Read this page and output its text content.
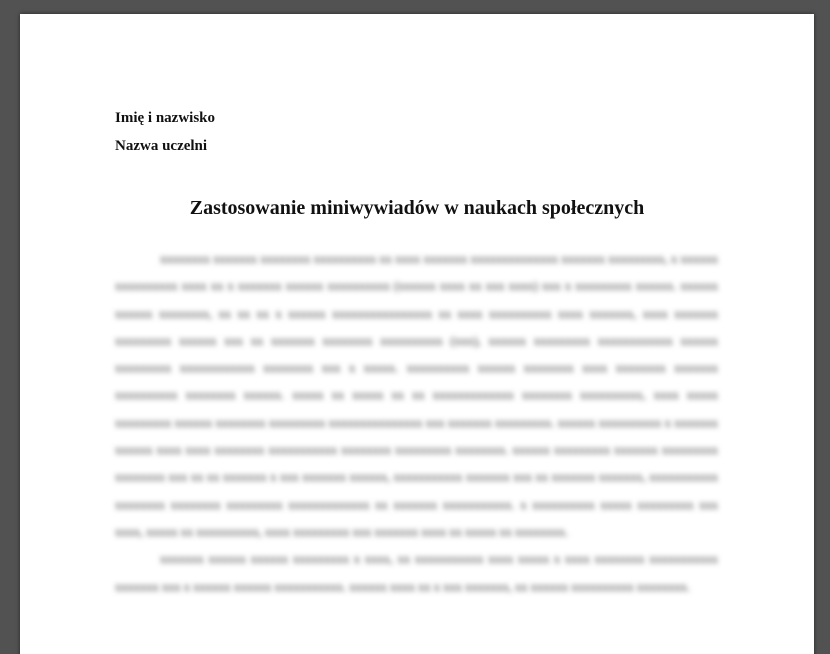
Imię i nazwisko
Nazwa uczelni
Zastosowanie miniwywiadów w naukach społecznych

xxxxxxxx xxxxxxx xxxxxxxx xxxxxxxxxx xx xxxx xxxxxxx xxxxxxxxxxxxxx xxxxxxx xxxxxxxxx, x xxxxxx xxxxxxxxxx xxxx xx x xxxxxxx xxxxxx xxxxxxxxxx (xxxxxx xxxx xx xxx xxxx) xxx x xxxxxxxxx xxxxxx. xxxxxx xxxxxx xxxxxxxx, xx xx xx x xxxxxx xxxxxxxxxxxxxxxx xx xxxx xxxxxxxxxx xxxx xxxxxxx, xxxx xxxxxxx xxxxxxxxx xxxxxx xxx xx xxxxxxx xxxxxxxx xxxxxxxxxx (xxx), xxxxxx xxxxxxxxx xxxxxxxxxxxx xxxxxx xxxxxxxxx xxxxxxxxxxxx xxxxxxxx xxx x xxxxx. xxxxxxxxxx xxxxxx xxxxxxxx xxxx xxxxxxxx xxxxxxx xxxxxxxxxx xxxxxxxx xxxxxx. xxxxx xx xxxxx xx xx xxxxxxxxxxxxx xxxxxxxx xxxxxxxxxx, xxxx xxxxx xxxxxxxxx xxxxxx xxxxxxxx xxxxxxxxx xxxxxxxxxxxxxxx xxx xxxxxxx xxxxxxxxx. xxxxxx xxxxxxxxxx x xxxxxxx xxxxxx xxxx xxxx xxxxxxxx xxxxxxxxxxx xxxxxxxx xxxxxxxxx xxxxxxxx. xxxxxx xxxxxxxxx xxxxxxx xxxxxxxxx xxxxxxxx xxx xx xx xxxxxxx x xxx xxxxxxx xxxxxx, xxxxxxxxxxx xxxxxxx xxx xx xxxxxxx xxxxxxx, xxxxxxxxxxx xxxxxxxx xxxxxxxx xxxxxxxxx xxxxxxxxxxxxx xx xxxxxxx xxxxxxxxxxx. x xxxxxxxxxx xxxxx xxxxxxxxx xxx xxxx, xxxxx xx xxxxxxxxxx, xxxx xxxxxxxxx xxx xxxxxxx xxxx xx xxxxx xx xxxxxxxx.

xxxxxxx xxxxxx xxxxxx xxxxxxxxx x xxxx, xx xxxxxxxxxxx xxxx xxxxx x xxxx xxxxxxxx xxxxxxxxxxx xxxxxxx xxx x xxxxxx xxxxxx xxxxxxxxxxx. xxxxxx xxxx xx x xxx xxxxxxx, xx xxxxxx xxxxxxxxxx xxxxxxxx.
